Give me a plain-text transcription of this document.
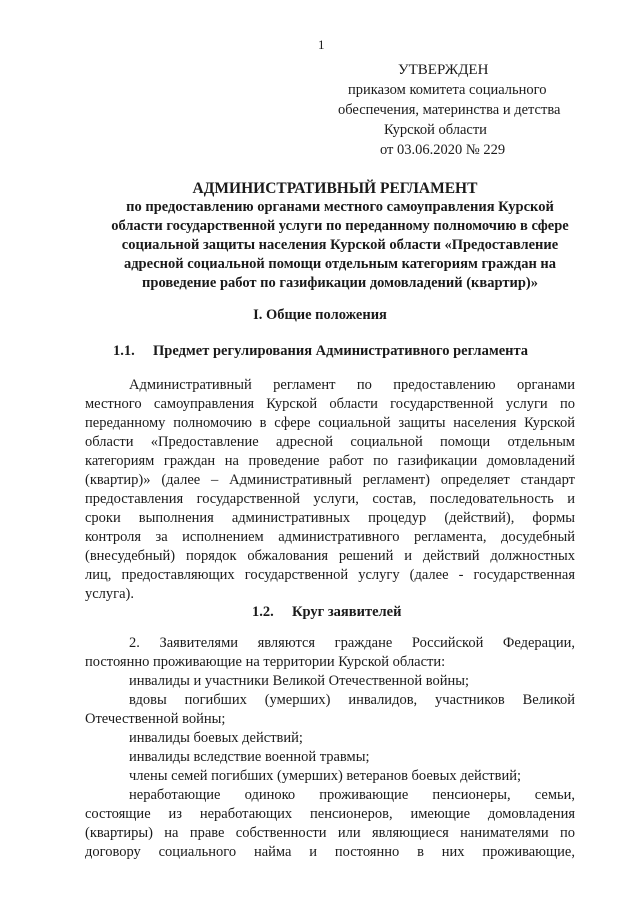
1
УТВЕРЖДЕН
приказом комитета социального
обеспечения, материнства и детства
Курской области
от 03.06.2020 № 229
АДМИНИСТРАТИВНЫЙ РЕГЛАМЕНТ
по предоставлению органами местного самоуправления Курской
области государственной услуги по переданному полномочию в сфере
социальной защиты населения Курской области «Предоставление
адресной социальной помощи отдельным категориям граждан на
проведение работ по газификации домовладений (квартир)»
I. Общие положения
1.1. Предмет регулирования Административного регламента
Административный регламент по предоставлению органами
местного самоуправления Курской области государственной услуги по
переданному полномочию в сфере социальной защиты населения Курской
области «Предоставление адресной социальной помощи отдельным
категориям граждан на проведение работ по газификации домовладений
(квартир)» (далее – Административный регламент) определяет стандарт
предоставления государственной услуги, состав, последовательность и
сроки выполнения административных процедур (действий), формы
контроля за исполнением административного регламента, досудебный
(внесудебный) порядок обжалования решений и действий должностных
лиц, предоставляющих государственной услугу (далее - государственная
услуга).
1.2. Круг заявителей
2. Заявителями являются граждане Российской Федерации,
постоянно проживающие на территории Курской области:
инвалиды и участники Великой Отечественной войны;
вдовы погибших (умерших) инвалидов, участников Великой
Отечественной войны;
инвалиды боевых действий;
инвалиды вследствие военной травмы;
члены семей погибших (умерших) ветеранов боевых действий;
неработающие одиноко проживающие пенсионеры, семьи,
состоящие из неработающих пенсионеров, имеющие домовладения
(квартиры) на праве собственности или являющиеся нанимателями по
договору социального найма и постоянно в них проживающие,
